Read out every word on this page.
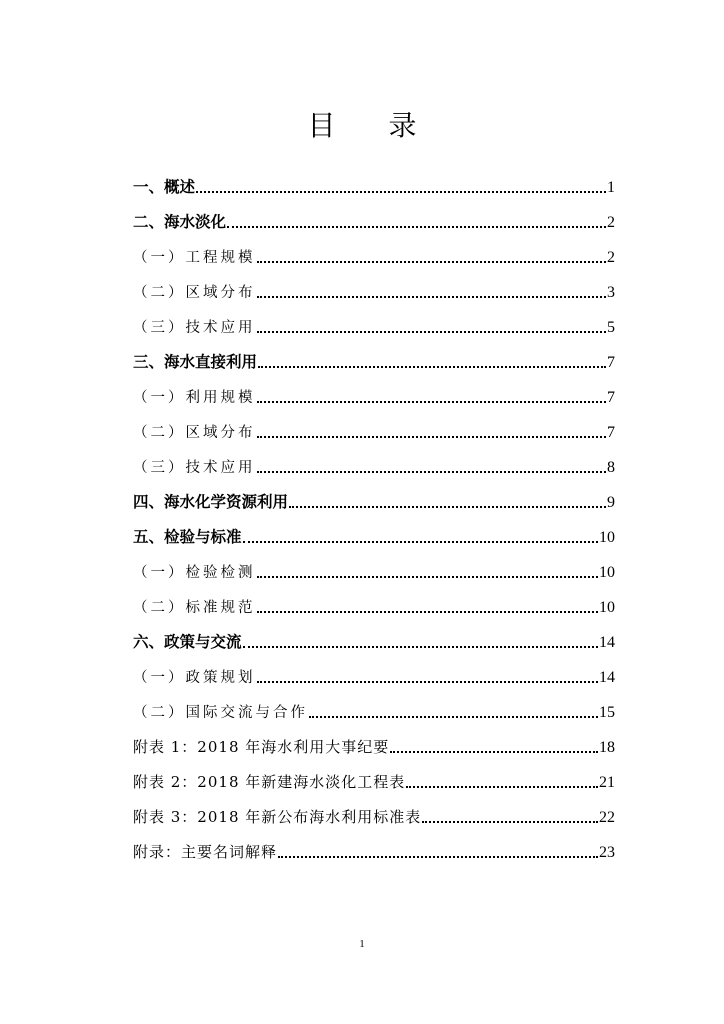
目 录
一、概述	1
二、海水淡化	2
（一）工程规模	2
（二）区域分布	3
（三）技术应用	5
三、海水直接利用	7
（一）利用规模	7
（二）区域分布	7
（三）技术应用	8
四、海水化学资源利用	9
五、检验与标准	10
（一）检验检测	10
（二）标准规范	10
六、政策与交流	14
（一）政策规划	14
（二）国际交流与合作	15
附表 1：2018 年海水利用大事纪要	18
附表 2：2018 年新建海水淡化工程表	21
附表 3：2018 年新公布海水利用标准表	22
附录：主要名词解释	23
1
